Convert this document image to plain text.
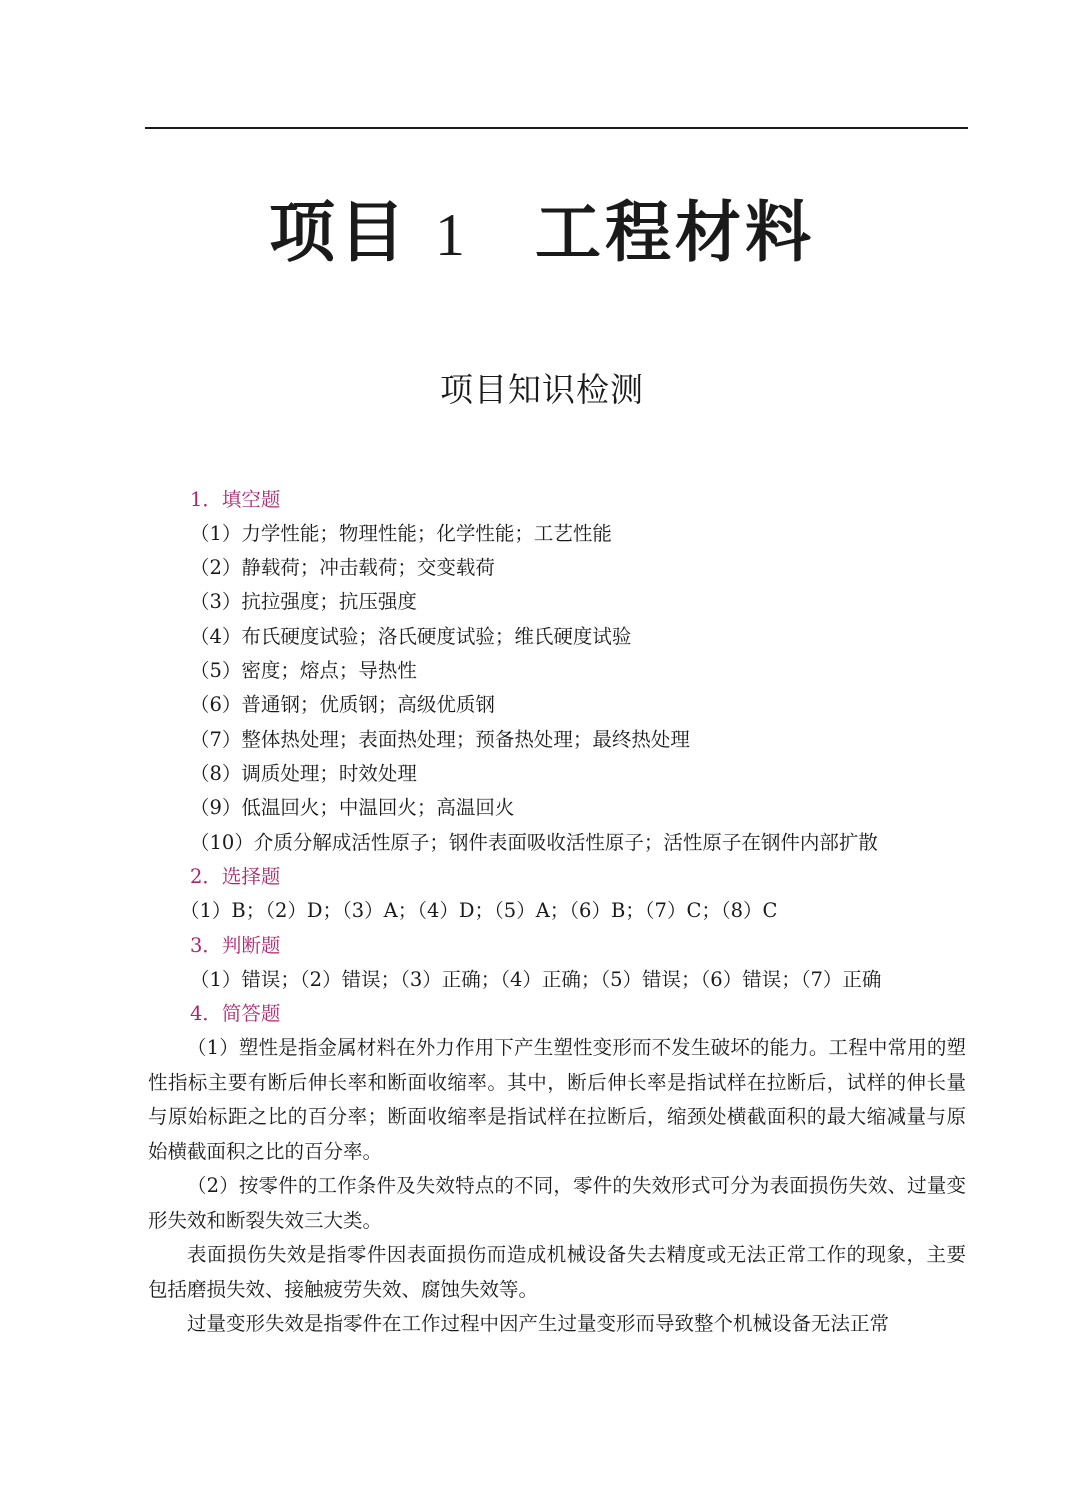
项目 1 工程材料
项目知识检测
1．填空题
（1）力学性能；物理性能；化学性能；工艺性能
（2）静载荷；冲击载荷；交变载荷
（3）抗拉强度；抗压强度
（4）布氏硬度试验；洛氏硬度试验；维氏硬度试验
（5）密度；熔点；导热性
（6）普通钢；优质钢；高级优质钢
（7）整体热处理；表面热处理；预备热处理；最终热处理
（8）调质处理；时效处理
（9）低温回火；中温回火；高温回火
（10）介质分解成活性原子；钢件表面吸收活性原子；活性原子在钢件内部扩散
2．选择题
（1）B；（2）D；（3）A；（4）D；（5）A；（6）B；（7）C；（8）C
3．判断题
（1）错误；（2）错误；（3）正确；（4）正确；（5）错误；（6）错误；（7）正确
4．简答题

（1）塑性是指金属材料在外力作用下产生塑性变形而不发生破坏的能力。工程中常用的塑性指标主要有断后伸长率和断面收缩率。其中，断后伸长率是指试样在拉断后，试样的伸长量与原始标距之比的百分率；断面收缩率是指试样在拉断后，缩颈处横截面积的最大缩减量与原始横截面积之比的百分率。

（2）按零件的工作条件及失效特点的不同，零件的失效形式可分为表面损伤失效、过量变形失效和断裂失效三大类。

表面损伤失效是指零件因表面损伤而造成机械设备失去精度或无法正常工作的现象，主要包括磨损失效、接触疲劳失效、腐蚀失效等。

过量变形失效是指零件在工作过程中因产生过量变形而导致整个机械设备无法正常
